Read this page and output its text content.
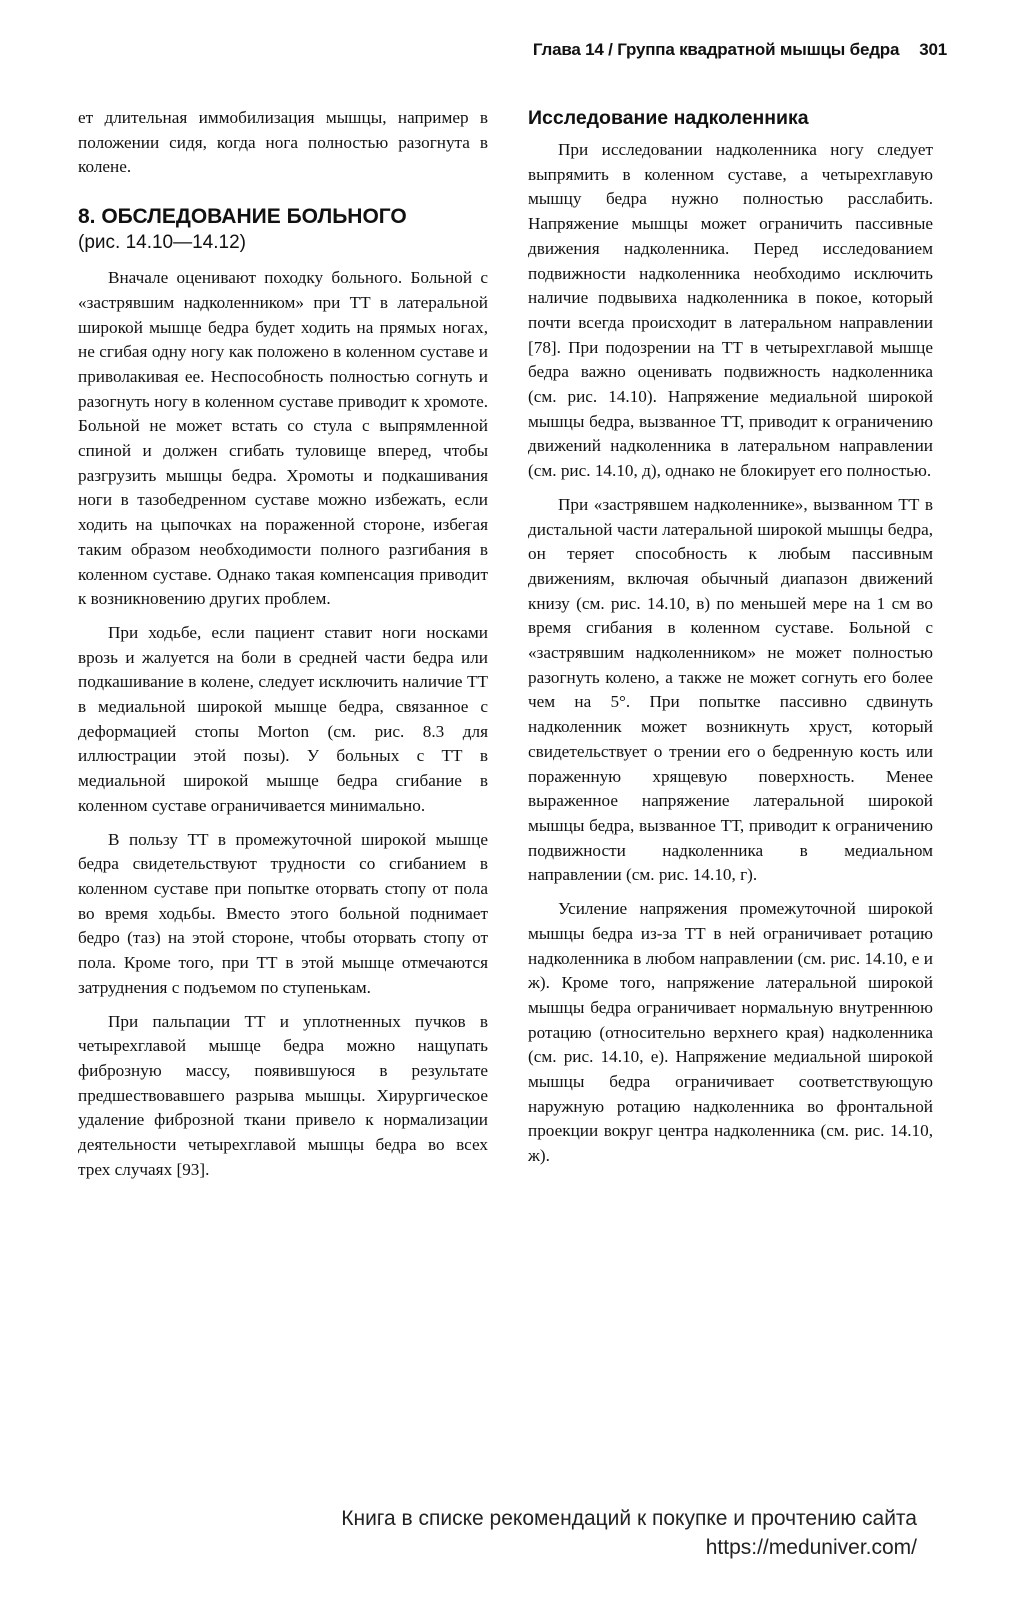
Глава 14 / Группа квадратной мышцы бедра 301

ет длительная иммобилизация мышцы, например в положении сидя, когда нога полностью разогнута в колене.

8. ОБСЛЕДОВАНИЕ БОЛЬНОГО
(рис. 14.10—14.12)

Вначале оценивают походку больного. Больной с «застрявшим надколенником» при ТТ в латеральной широкой мышце бедра будет ходить на прямых ногах, не сгибая одну ногу как положено в коленном суставе и приволакивая ее. Неспособность полностью согнуть и разогнуть ногу в коленном суставе приводит к хромоте. Больной не может встать со стула с выпрямленной спиной и должен сгибать туловище вперед, чтобы разгрузить мышцы бедра. Хромоты и подкашивания ноги в тазобедренном суставе можно избежать, если ходить на цыпочках на пораженной стороне, избегая таким образом необходимости полного разгибания в коленном суставе. Однако такая компенсация приводит к возникновению других проблем.

При ходьбе, если пациент ставит ноги носками врозь и жалуется на боли в средней части бедра или подкашивание в колене, следует исключить наличие ТТ в медиальной широкой мышце бедра, связанное с деформацией стопы Morton (см. рис. 8.3 для иллюстрации этой позы). У больных с ТТ в медиальной широкой мышце бедра сгибание в коленном суставе ограничивается минимально.

В пользу ТТ в промежуточной широкой мышце бедра свидетельствуют трудности со сгибанием в коленном суставе при попытке оторвать стопу от пола во время ходьбы. Вместо этого больной поднимает бедро (таз) на этой стороне, чтобы оторвать стопу от пола. Кроме того, при ТТ в этой мышце отмечаются затруднения с подъемом по ступенькам.

При пальпации ТТ и уплотненных пучков в четырехглавой мышце бедра можно нащупать фиброзную массу, появившуюся в результате предшествовавшего разрыва мышцы. Хирургическое удаление фиброзной ткани привело к нормализации деятельности четырехглавой мышцы бедра во всех трех случаях [93].

Исследование надколенника

При исследовании надколенника ногу следует выпрямить в коленном суставе, а четырехглавую мышцу бедра нужно полностью расслабить. Напряжение мышцы может ограничить пассивные движения надколенника. Перед исследованием подвижности надколенника необходимо исключить наличие подвывиха надколенника в покое, который почти всегда происходит в латеральном направлении [78]. При подозрении на ТТ в четырехглавой мышце бедра важно оценивать подвижность надколенника (см. рис. 14.10). Напряжение медиальной широкой мышцы бедра, вызванное ТТ, приводит к ограничению движений надколенника в латеральном направлении (см. рис. 14.10, д), однако не блокирует его полностью.

При «застрявшем надколеннике», вызванном ТТ в дистальной части латеральной широкой мышцы бедра, он теряет способность к любым пассивным движениям, включая обычный диапазон движений книзу (см. рис. 14.10, в) по меньшей мере на 1 см во время сгибания в коленном суставе. Больной с «застрявшим надколенником» не может полностью разогнуть колено, а также не может согнуть его более чем на 5°. При попытке пассивно сдвинуть надколенник может возникнуть хруст, который свидетельствует о трении его о бедренную кость или пораженную хрящевую поверхность. Менее выраженное напряжение латеральной широкой мышцы бедра, вызванное ТТ, приводит к ограничению подвижности надколенника в медиальном направлении (см. рис. 14.10, г).

Усиление напряжения промежуточной широкой мышцы бедра из-за ТТ в ней ограничивает ротацию надколенника в любом направлении (см. рис. 14.10, е и ж). Кроме того, напряжение латеральной широкой мышцы бедра ограничивает нормальную внутреннюю ротацию (относительно верхнего края) надколенника (см. рис. 14.10, е). Напряжение медиальной широкой мышцы бедра ограничивает соответствующую наружную ротацию надколенника во фронтальной проекции вокруг центра надколенника (см. рис. 14.10, ж).

Книга в списке рекомендаций к покупке и прочтению сайта https://meduniver.com/
